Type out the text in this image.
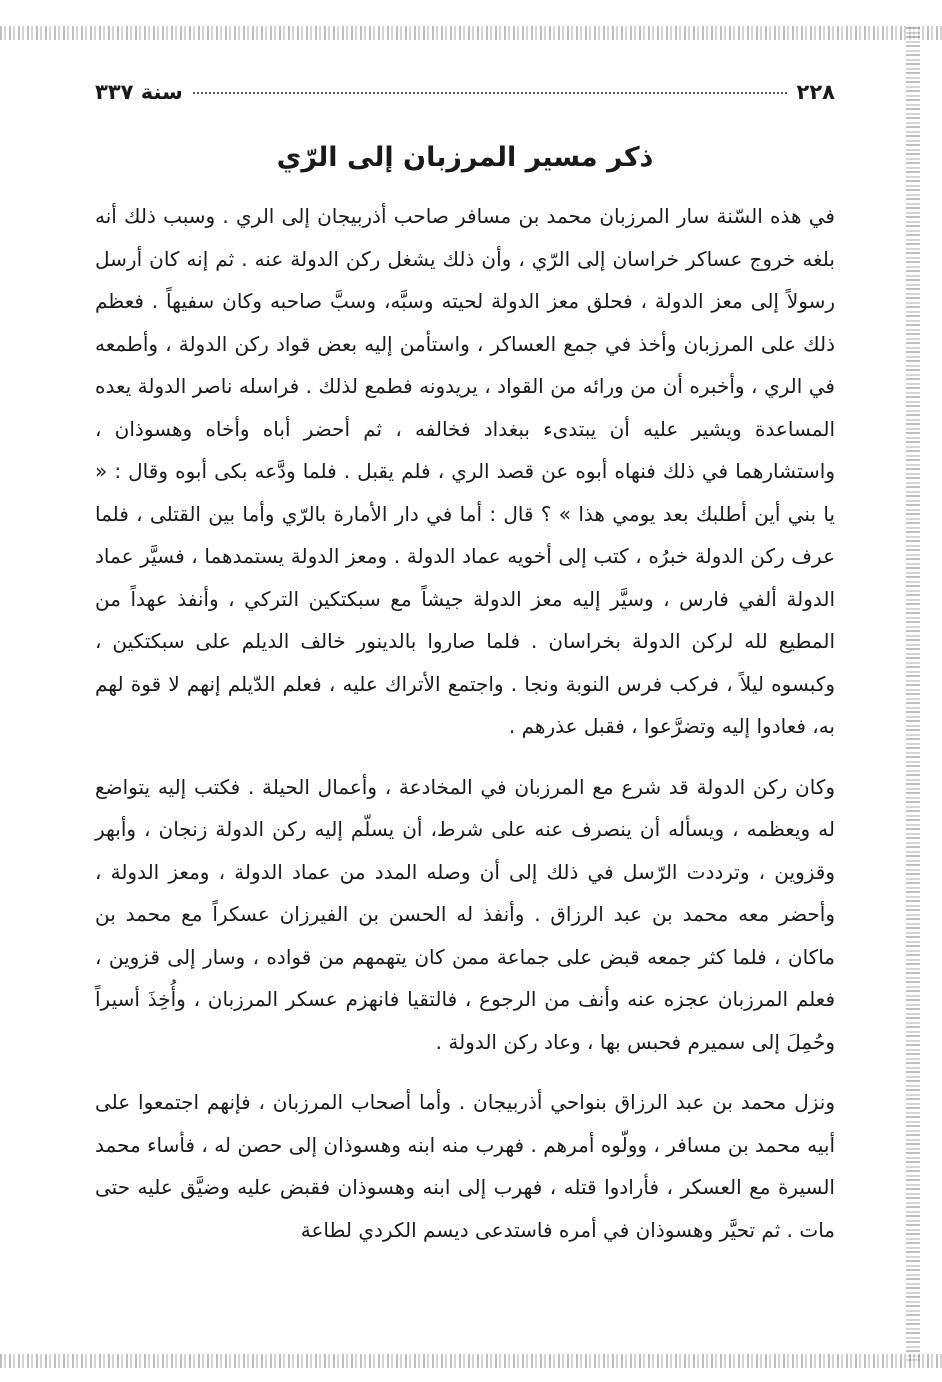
٢٢٨
سنة ٣٣٧
ذكر مسير المرزبان إلى الرّي

في هذه السّنة سار المرزبان محمد بن مسافر صاحب أذربيجان إلى الري . وسبب ذلك أنه بلغه خروج عساكر خراسان إلى الرّي ، وأن ذلك يشغل ركن الدولة عنه . ثم إنه كان أرسل رسولاً إلى معز الدولة ، فحلق معز الدولة لحيته وسبَّه، وسبَّ صاحبه وكان سفيهاً . فعظم ذلك على المرزبان وأخذ في جمع العساكر ، واستأمن إليه بعض قواد ركن الدولة ، وأطمعه في الري ، وأخبره أن من ورائه من القواد ، يريدونه فطمع لذلك . فراسله ناصر الدولة يعده المساعدة ويشير عليه أن يبتدىء ببغداد فخالفه ، ثم أحضر أباه وأخاه وهسوذان ، واستشارهما في ذلك فنهاه أبوه عن قصد الري ، فلم يقبل . فلما ودَّعه بكى أبوه وقال : « يا بني أين أطلبك بعد يومي هذا » ؟ قال : أما في دار الأمارة بالرّي وأما بين القتلى ، فلما عرف ركن الدولة خبرُه ، كتب إلى أخويه عماد الدولة . ومعز الدولة يستمدهما ، فسيَّر عماد الدولة ألفي فارس ، وسيَّر إليه معز الدولة جيشاً مع سبكتكين التركي ، وأنفذ عهداً من المطيع لله لركن الدولة بخراسان . فلما صاروا بالدينور خالف الديلم على سبكتكين ، وكبسوه ليلاً ، فركب فرس النوبة ونجا . واجتمع الأتراك عليه ، فعلم الدّيلم إنهم لا قوة لهم به، فعادوا إليه وتضرَّعوا ، فقبل عذرهم .

وكان ركن الدولة قد شرع مع المرزبان في المخادعة ، وأعمال الحيلة . فكتب إليه يتواضع له ويعظمه ، ويسأله أن ينصرف عنه على شرط، أن يسلّم إليه ركن الدولة زنجان ، وأبهر وقزوين ، وترددت الرّسل في ذلك إلى أن وصله المدد من عماد الدولة ، ومعز الدولة ، وأحضر معه محمد بن عبد الرزاق . وأنفذ له الحسن بن الفيرزان عسكراً مع محمد بن ماكان ، فلما كثر جمعه قبض على جماعة ممن كان يتهمهم من قواده ، وسار إلى قزوين ، فعلم المرزبان عجزه عنه وأنف من الرجوع ، فالتقيا فانهزم عسكر المرزبان ، وأُخِذَ أسيراً وحُمِلَ إلى سميرم فحبس بها ، وعاد ركن الدولة .

ونزل محمد بن عبد الرزاق بنواحي أذربيجان . وأما أصحاب المرزبان ، فإنهم اجتمعوا على أبيه محمد بن مسافر ، وولّوه أمرهم . فهرب منه ابنه وهسوذان إلى حصن له ، فأساء محمد السيرة مع العسكر ، فأرادوا قتله ، فهرب إلى ابنه وهسوذان فقبض عليه وضيَّق عليه حتى مات . ثم تحيَّر وهسوذان في أمره فاستدعى ديسم الكردي لطاعة
